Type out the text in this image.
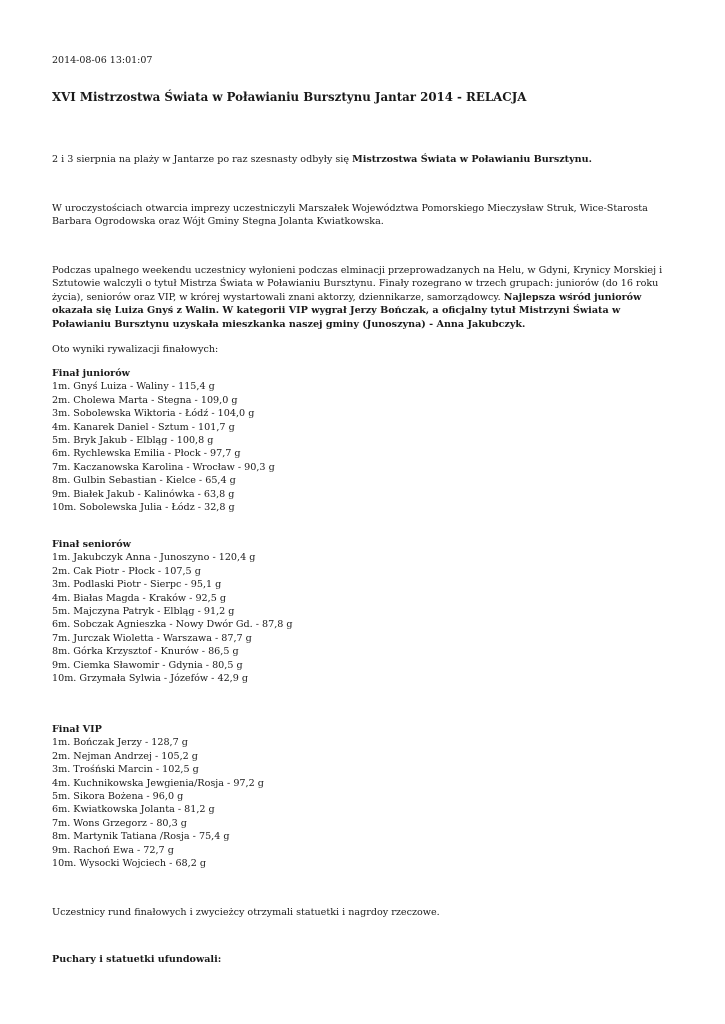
2014-08-06 13:01:07
XVI Mistrzostwa Świata w Poławianiu Bursztynu Jantar 2014 - RELACJA

2 i 3 sierpnia na plaży w Jantarze po raz szesnasty odbyły się Mistrzostwa Świata w Poławianiu Bursztynu.

W uroczystościach otwarcia imprezy uczestniczyli Marszałek Województwa Pomorskiego Mieczysław Struk, Wice-Starosta Barbara Ogrodowska oraz Wójt Gminy Stegna Jolanta Kwiatkowska.

Podczas upalnego weekendu uczestnicy wyłonieni podczas elminacji przeprowadzanych na Helu, w Gdyni, Krynicy Morskiej i Sztutowie walczyli o tytuł Mistrza Świata w Poławianiu Bursztynu. Finały rozegrano w trzech grupach: juniorów (do 16 roku życia), seniorów oraz VIP, w krórej wystartowali znani aktorzy, dziennikarze, samorządowcy. Najlepsza wśród juniorów okazała się Luiza Gnyś z Walin. W kategorii VIP wygrał Jerzy Bończak, a oficjalny tytuł Mistrzyni Świata w Poławianiu Bursztynu uzyskała mieszkanka naszej gminy (Junoszyna) - Anna Jakubczyk.

Oto wyniki rywalizacji finałowych:

Finał juniorów
1m. Gnyś Luiza - Waliny - 115,4 g
2m. Cholewa Marta - Stegna - 109,0 g
3m. Sobolewska Wiktoria - Łódź - 104,0 g
4m. Kanarek Daniel - Sztum - 101,7 g
5m. Bryk Jakub - Elbląg - 100,8 g
6m. Rychlewska Emilia - Płock - 97,7 g
7m. Kaczanowska Karolina - Wrocław - 90,3 g
8m. Gulbin Sebastian - Kielce - 65,4 g
9m. Białek Jakub - Kalinówka - 63,8 g
10m. Sobolewska Julia - Łódz - 32,8 g
Finał seniorów
1m. Jakubczyk Anna - Junoszyno - 120,4 g
2m. Cak Piotr - Płock - 107,5 g
3m. Podlaski Piotr - Sierpc - 95,1 g
4m. Białas Magda - Kraków - 92,5 g
5m. Majczyna Patryk - Elbląg - 91,2 g
6m. Sobczak Agnieszka - Nowy Dwór Gd. - 87,8 g
7m. Jurczak Wioletta - Warszawa - 87,7 g
8m. Górka Krzysztof - Knurów - 86,5 g
9m. Ciemka Sławomir - Gdynia - 80,5 g
10m. Grzymała Sylwia - Józefów - 42,9 g
Finał VIP
1m. Bończak Jerzy - 128,7 g
2m. Nejman Andrzej - 105,2 g
3m. Trośński Marcin - 102,5 g
4m. Kuchnikowska Jewgienia/Rosja - 97,2 g
5m. Sikora Bożena - 96,0 g
6m. Kwiatkowska Jolanta - 81,2 g
7m. Wons Grzegorz - 80,3 g
8m. Martynik Tatiana /Rosja - 75,4 g
9m. Rachoń Ewa - 72,7 g
10m. Wysocki Wojciech - 68,2 g

Uczestnicy rund finałowych i zwycieżcy otrzymali statuetki i nagrdoy rzeczowe.

Puchary i statuetki ufundowali:
